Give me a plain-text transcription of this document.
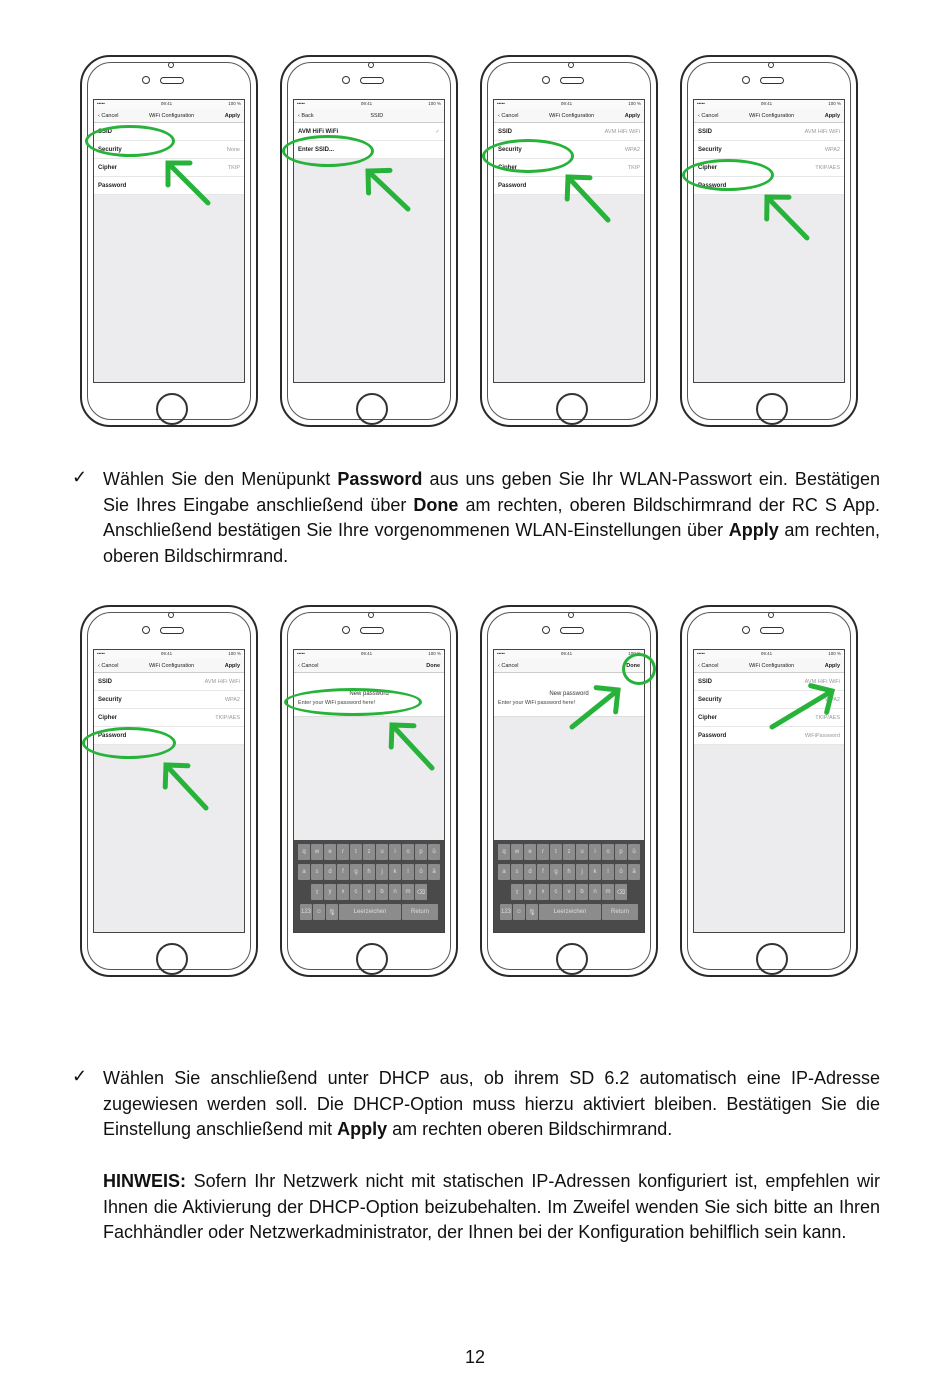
•••••	09:41	100 %
‹ Cancel	WiFi Configuration	Apply
SSID
Security	None
Cipher	TKIP
Password
•••••	09:41	100 %
‹ Back	SSID
AVM HiFi WiFi	✓
Enter SSID...
•••••	09:41	100 %
‹ Cancel	WiFi Configuration	Apply
SSID	AVM HiFi WiFi
Security	WPA2
Cipher	TKIP
Password
•••••	09:41	100 %
‹ Cancel	WiFi Configuration	Apply
SSID	AVM HiFi WiFi
Security	WPA2
Cipher	TKIP/AES
Password
•••••	09:41	100 %
‹ Cancel	WiFi Configuration	Apply
SSID	AVM HiFi WiFi
Security	WPA2
Cipher	TKIP/AES
Password
•••••	09:41	100 %
‹ Cancel	Done
New password
Enter your WiFi password here!
q	w	e	r	t	z	u	i	o	p	ü
a	s	d	f	g	h	j	k	l	ö	ä
⇧	y	x	c	v	b	n	m	⌫
123 ☺	🎙	Leerzeichen	Return
•••••	09:41	100 %
‹ Cancel	Done
New password
Enter your WiFi password here!
q	w	e	r	t	z	u	i	o	p	ü
a	s	d	f	g	h	j	k	l	ö	ä
⇧	y	x	c	v	b	n	m	⌫
123 ☺	🎙	Leerzeichen	Return
•••••	09:41	100 %
‹ Cancel	WiFi Configuration	Apply
SSID	AVM HiFi WiFi
Security	WPA2
Cipher	TKIP/AES
Password	WiFiPassword
✓ Wählen Sie den Menüpunkt Password aus uns geben Sie Ihr WLAN-Passwort ein. Bestätigen Sie Ihres Eingabe anschließend über Done am rechten, oberen Bildschirmrand der RC S App. Anschließend bestätigen Sie Ihre vorgenommenen WLAN-Einstellungen über Apply am rechten, oberen Bildschirmrand.
✓ Wählen Sie anschließend unter DHCP aus, ob ihrem SD 6.2 automatisch eine IP-Adresse zugewiesen werden soll. Die DHCP-Option muss hierzu aktiviert bleiben. Bestätigen Sie die Einstellung anschließend mit Apply am rechten oberen Bildschirmrand.
HINWEIS: Sofern Ihr Netzwerk nicht mit statischen IP-Adressen konfiguriert ist, empfehlen wir Ihnen die Aktivierung der DHCP-Option beizubehalten. Im Zweifel wenden Sie sich bitte an Ihren Fachhändler oder Netzwerkadministrator, der Ihnen bei der Konfiguration behilflich sein kann.
12
